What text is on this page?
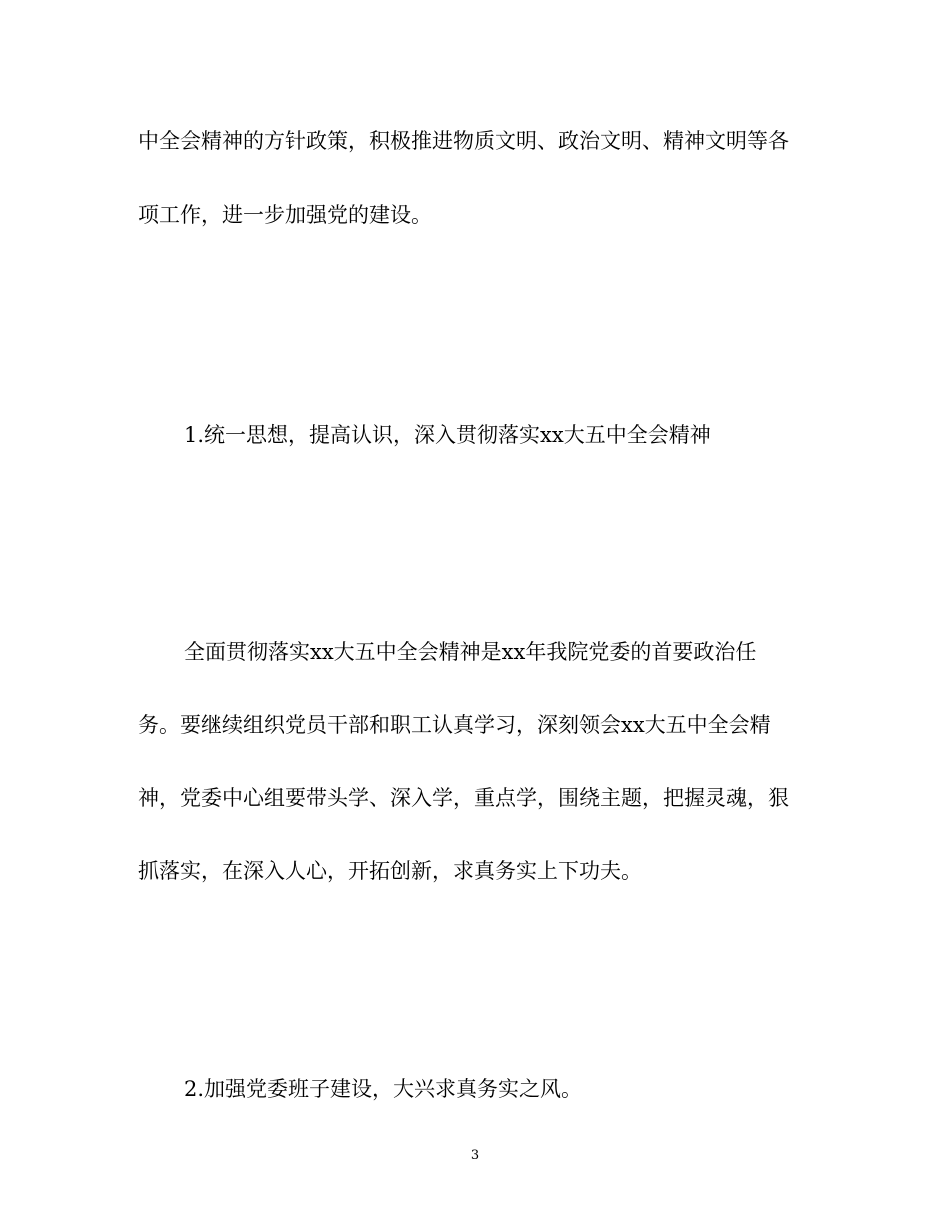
中全会精神的方针政策，积极推进物质文明、政治文明、精神文明等各
项工作，进一步加强党的建设。
1.统一思想，提高认识，深入贯彻落实xx大五中全会精神
全面贯彻落实xx大五中全会精神是xx年我院党委的首要政治任
务。要继续组织党员干部和职工认真学习，深刻领会xx大五中全会精
神，党委中心组要带头学、深入学，重点学，围绕主题，把握灵魂，狠
抓落实，在深入人心，开拓创新，求真务实上下功夫。
2.加强党委班子建设，大兴求真务实之风。
3
